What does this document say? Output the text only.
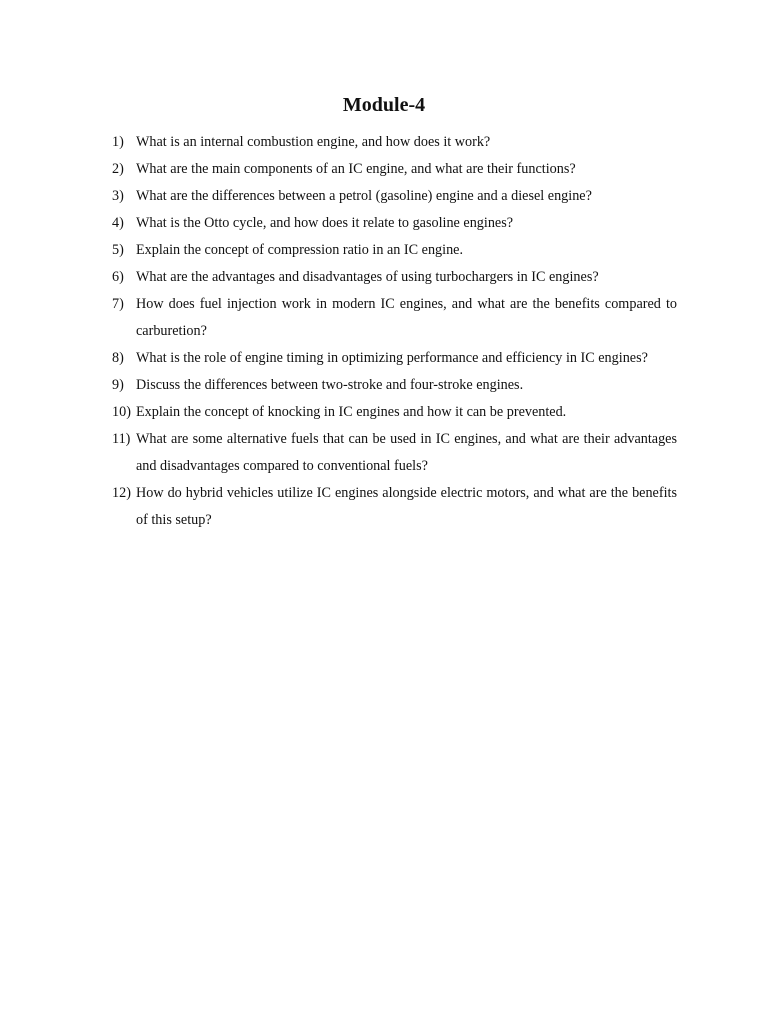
Module-4
1) What is an internal combustion engine, and how does it work?
2) What are the main components of an IC engine, and what are their functions?
3) What are the differences between a petrol (gasoline) engine and a diesel engine?
4) What is the Otto cycle, and how does it relate to gasoline engines?
5) Explain the concept of compression ratio in an IC engine.
6) What are the advantages and disadvantages of using turbochargers in IC engines?
7) How does fuel injection work in modern IC engines, and what are the benefits compared to carburetion?
8) What is the role of engine timing in optimizing performance and efficiency in IC engines?
9) Discuss the differences between two-stroke and four-stroke engines.
10) Explain the concept of knocking in IC engines and how it can be prevented.
11) What are some alternative fuels that can be used in IC engines, and what are their advantages and disadvantages compared to conventional fuels?
12) How do hybrid vehicles utilize IC engines alongside electric motors, and what are the benefits of this setup?
